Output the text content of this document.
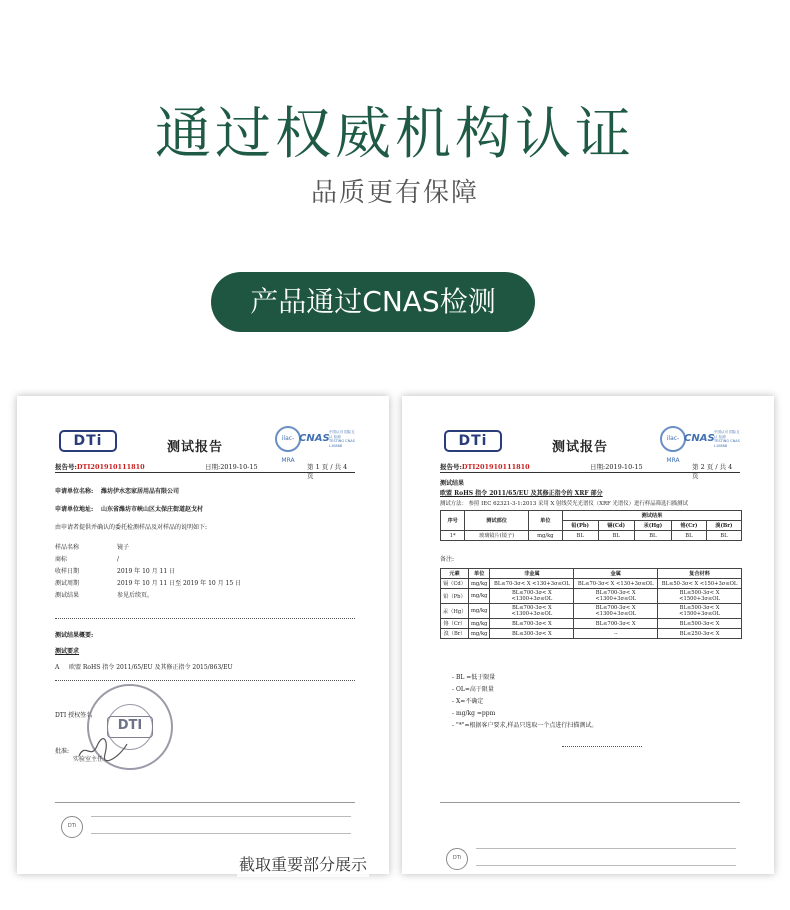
通过权威机构认证
品质更有保障
产品通过CNAS检测
DTi	测试报告
ilac-MRA
CNAS
中国认可 国际互认 检测 TESTING CNAS L10868
报告号:DTI201910111810	日期:2019-10-15	第 1 页 / 共 4 页
申请单位名称: 潍坊伊水恋家居用品有限公司
申请单位地址: 山东省潍坊市峡山区太保庄街道赵戈村
由申请者提供并确认的委托检测样品及对样品的说明如下:
样品名称	镜子
商标	/
收样日期	2019 年 10 月 11 日
测试周期	2019 年 10 月 11 日至 2019 年 10 月 15 日
测试结果	参见后续页。
测试结果概要:
测试要求
A 欧盟 RoHS 指令 2011/65/EU 及其修正指令 2015/863/EU
DTI 授权签名
DTI
批准:
实验室主任
DTi
DTi	测试报告
ilac-MRA
CNAS
中国认可 国际互认 检测 TESTING CNAS L10868
报告号:DTI201910111810	日期:2019-10-15	第 2 页 / 共 4 页
测试结果
欧盟 RoHS 指令 2011/65/EU 及其修正指令的 XRF 部分
测试方法： 参照 IEC 62321-3-1:2013 采用 X 射线荧光光谱仪（XRF 光谱仪）进行样品筛选扫描测试
序号	测试部位	单位	测试结果				
			铅(Pb)	镉(Cd)	汞(Hg)	铬(Cr)	溴(Br)
1*	玻璃镜片(镜子)	mg/kg	BL	BL	BL	BL	BL
备注:
元素	单位	非金属	金属	复合材料
镉（Cd）	mg/kg	BL≤70-3σ< X <130+3σ≤OL	BL≤70-3σ< X <130+3σ≤OL	BL≤50-3σ< X <150+3σ≤OL
铅（Pb）	mg/kg	BL≤700-3σ< X <1300+3σ≤OL	BL≤700-3σ< X <1300+3σ≤OL	BL≤500-3σ< X <1500+3σ≤OL
汞（Hg）	mg/kg	BL≤700-3σ< X <1300+3σ≤OL	BL≤700-3σ< X <1300+3σ≤OL	BL≤500-3σ< X <1500+3σ≤OL
铬（Cr）	mg/kg	BL≤700-3σ< X	BL≤700-3σ< X	BL≤500-3σ< X
溴（Br）	mg/kg	BL≤300-3σ< X	--	BL≤250-3σ< X
- BL =低于限量
- OL=高于限量
- X=不确定
- mg/kg =ppm
- "*"=根据客户要求,样品只选取一个点进行扫描测试。
DTi
截取重要部分展示
